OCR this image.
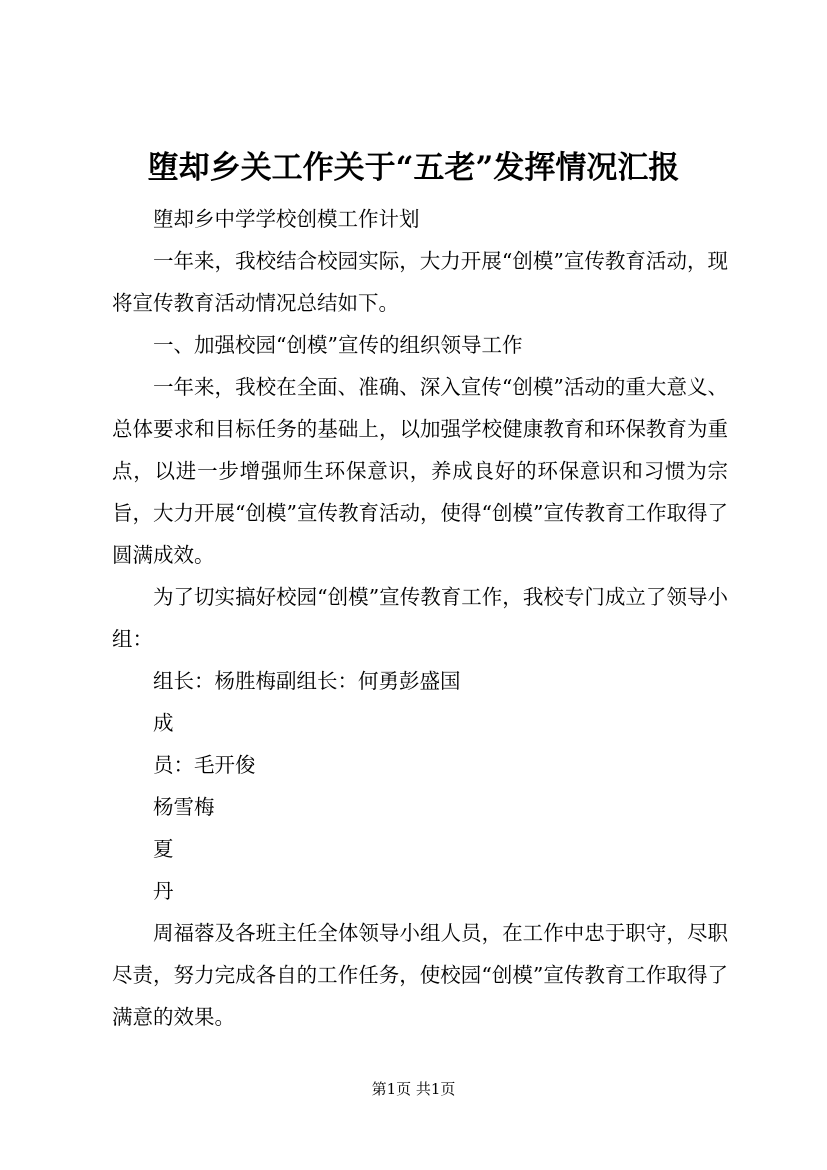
堕却乡关工作关于“五老”发挥情况汇报

堕却乡中学学校创模工作计划

一年来，我校结合校园实际，大力开展“创模”宣传教育活动，现将宣传教育活动情况总结如下。

一、加强校园“创模”宣传的组织领导工作

一年来，我校在全面、准确、深入宣传“创模”活动的重大意义、总体要求和目标任务的基础上，以加强学校健康教育和环保教育为重点，以进一步增强师生环保意识，养成良好的环保意识和习惯为宗旨，大力开展“创模”宣传教育活动，使得“创模”宣传教育工作取得了圆满成效。

为了切实搞好校园“创模”宣传教育工作，我校专门成立了领导小组：

组长：杨胜梅副组长：何勇彭盛国

成

员：毛开俊

杨雪梅

夏

丹

周福蓉及各班主任全体领导小组人员，在工作中忠于职守，尽职尽责，努力完成各自的工作任务，使校园“创模”宣传教育工作取得了满意的效果。

第1页 共1页
